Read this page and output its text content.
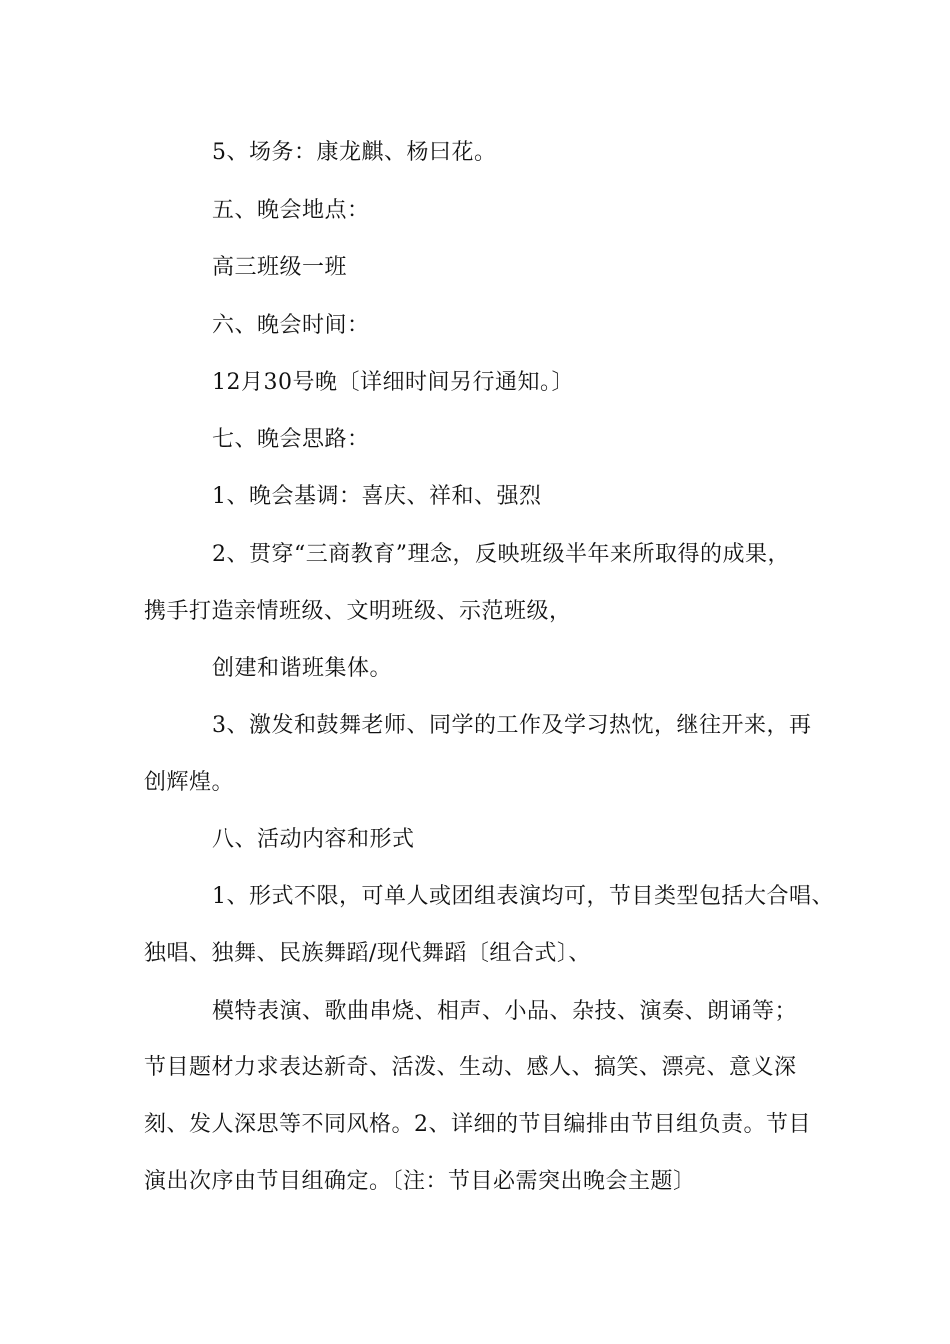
5、场务：康龙麒、杨曰花。
五、晚会地点：
高三班级一班
六、晚会时间：
12月30号晚〔详细时间另行通知。〕
七、晚会思路：
1、晚会基调：喜庆、祥和、强烈
2、贯穿“三商教育”理念，反映班级半年来所取得的成果，
携手打造亲情班级、文明班级、示范班级，
创建和谐班集体。
3、激发和鼓舞老师、同学的工作及学习热忱，继往开来，再
创辉煌。
八、活动内容和形式
1、形式不限，可单人或团组表演均可，节目类型包括大合唱、
独唱、独舞、民族舞蹈/现代舞蹈〔组合式〕、
模特表演、歌曲串烧、相声、小品、杂技、演奏、朗诵等；
节目题材力求表达新奇、活泼、生动、感人、搞笑、漂亮、意义深
刻、发人深思等不同风格。2、详细的节目编排由节目组负责。节目
演出次序由节目组确定。〔注：节目必需突出晚会主题〕
